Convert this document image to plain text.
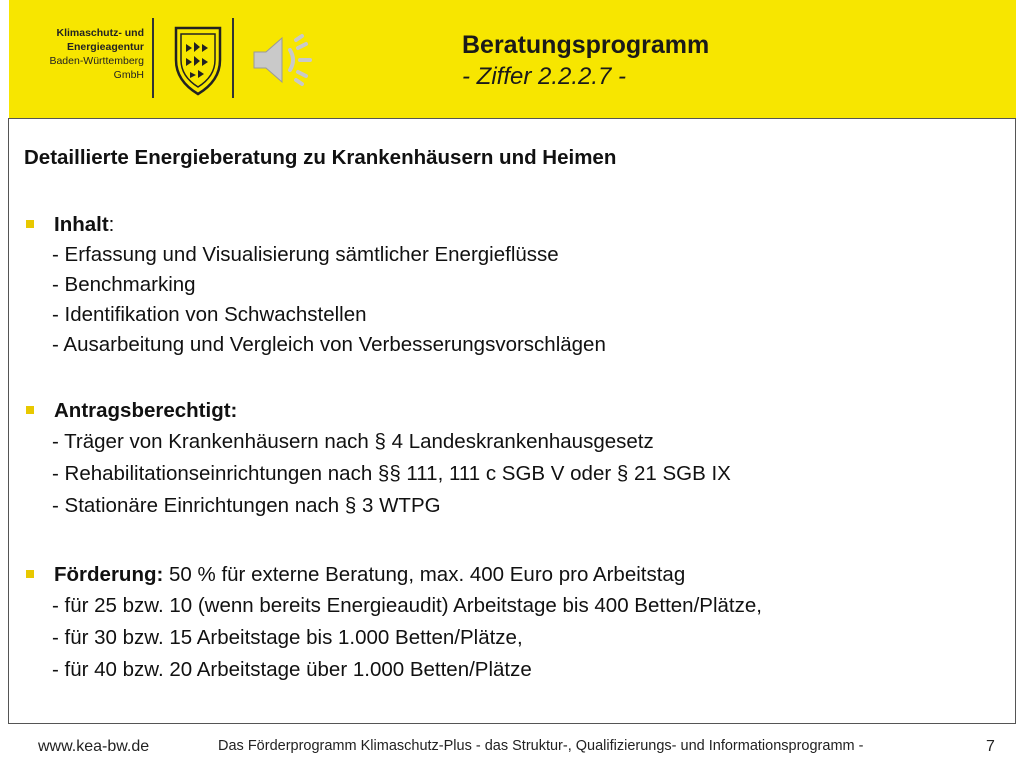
Klimaschutz- und
Energieagentur
Baden-Württemberg
GmbH
Beratungsprogramm
- Ziffer 2.2.2.7 -
Detaillierte Energieberatung zu Krankenhäusern und Heimen
Inhalt:
- Erfassung und Visualisierung sämtlicher Energieflüsse
- Benchmarking
- Identifikation von Schwachstellen
- Ausarbeitung und Vergleich von Verbesserungsvorschlägen
Antragsberechtigt:
- Träger von Krankenhäusern nach § 4 Landeskrankenhausgesetz
- Rehabilitationseinrichtungen nach §§ 111, 111 c SGB V oder § 21 SGB IX
- Stationäre Einrichtungen nach § 3 WTPG
Förderung: 50 % für externe Beratung, max. 400 Euro pro Arbeitstag
- für 25 bzw. 10 (wenn bereits Energieaudit) Arbeitstage bis 400 Betten/Plätze,
- für 30 bzw. 15 Arbeitstage bis 1.000 Betten/Plätze,
- für 40 bzw. 20 Arbeitstage über 1.000 Betten/Plätze
www.kea-bw.de	Das Förderprogramm Klimaschutz-Plus - das Struktur-, Qualifizierungs- und Informationsprogramm -	7
